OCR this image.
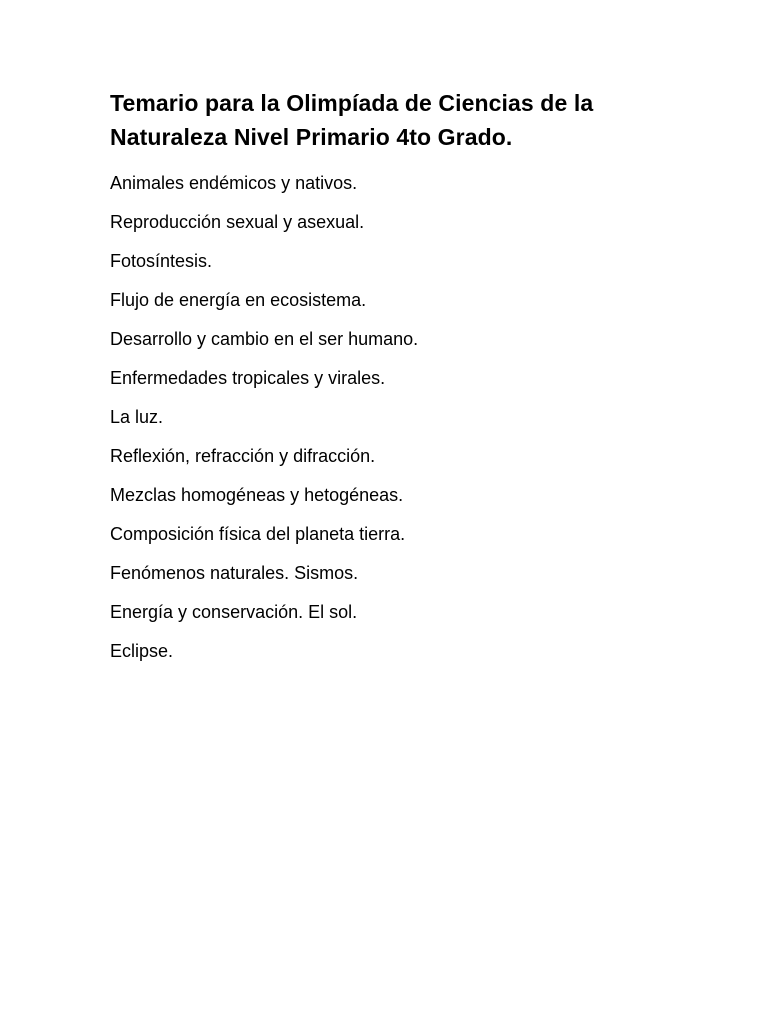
Temario para la Olimpíada de Ciencias de la Naturaleza Nivel Primario 4to Grado.
Animales endémicos y nativos.
Reproducción sexual y asexual.
Fotosíntesis.
Flujo de energía en ecosistema.
Desarrollo y cambio en el ser humano.
Enfermedades tropicales y virales.
La luz.
Reflexión, refracción y difracción.
Mezclas homogéneas y hetogéneas.
Composición física del planeta tierra.
Fenómenos naturales. Sismos.
Energía y conservación. El sol.
Eclipse.
